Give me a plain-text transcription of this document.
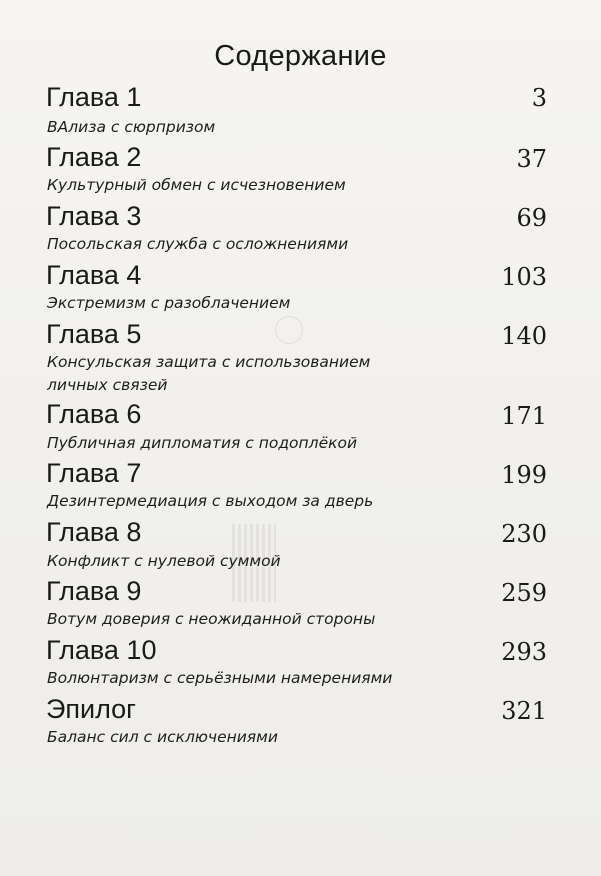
Содержание
Глава 1	3
ВАлиза с сюрпризом
Глава 2	37
Культурный обмен с исчезновением
Глава 3	69
Посольская служба с осложнениями
Глава 4	103
Экстремизм с разоблачением
Глава 5	140
Консульская защита с использованием
личных связей
Глава 6	171
Публичная дипломатия с подоплёкой
Глава 7	199
Дезинтермедиация с выходом за дверь
Глава 8	230
Конфликт с нулевой суммой
Глава 9	259
Вотум доверия с неожиданной стороны
Глава 10	293
Волюнтаризм с серьёзными намерениями
Эпилог	321
Баланс сил с исключениями
